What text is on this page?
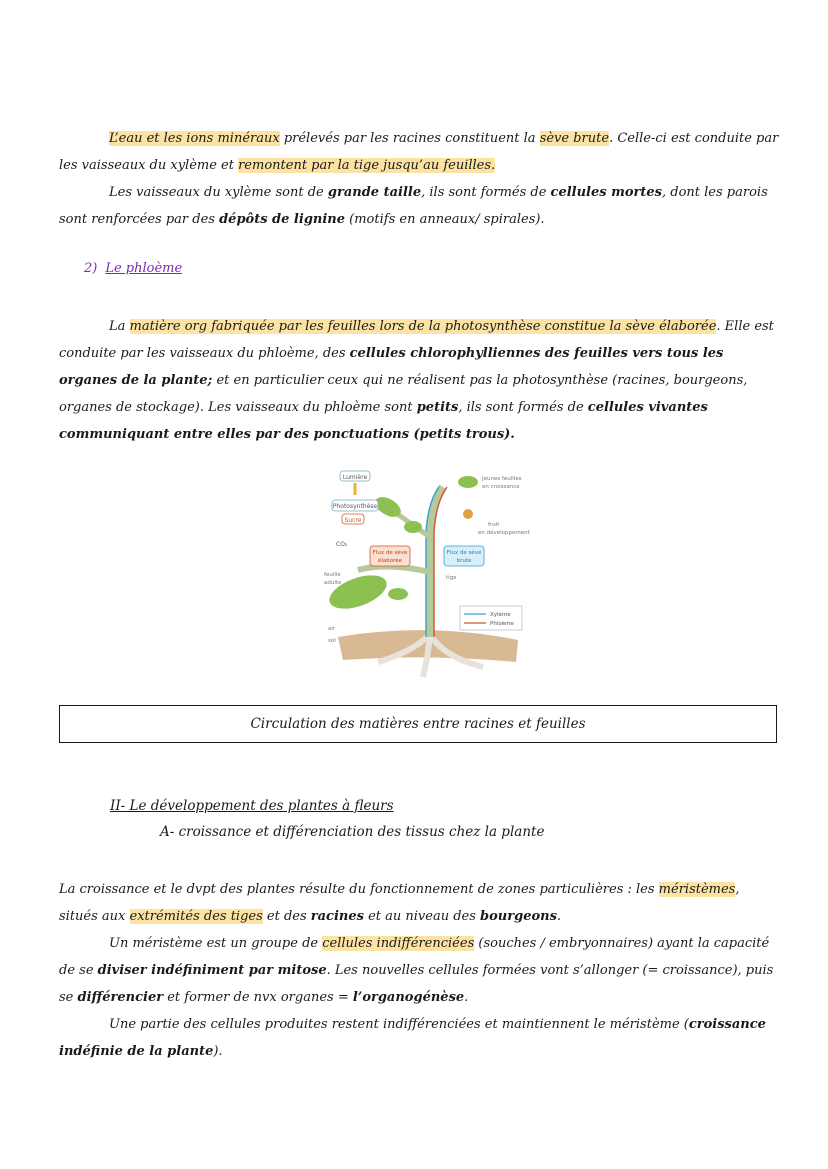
L’eau et les ions minéraux prélevés par les racines constituent la sève brute. Celle-ci est conduite par les vaisseaux du xylème et remontent par la tige jusqu’au feuilles.
Les vaisseaux du xylème sont de grande taille, ils sont formés de cellules mortes, dont les parois sont renforcées par des dépôts de lignine (motifs en anneaux/ spirales).
2) Le phloème
La matière org fabriquée par les feuilles lors de la photosynthèse constitue la sève élaborée. Elle est conduite par les vaisseaux du phloème, des cellules chlorophylliennes des feuilles vers tous les organes de la plante; et en particulier ceux qui ne réalisent pas la photosynthèse (racines, bourgeons, organes de stockage). Les vaisseaux du phloème sont petits, ils sont formés de cellules vivantes communiquant entre elles par des ponctuations (petits trous).
Lumière
Photosynthèse
Sucre
CO₂
Flux de sève
élaborée
Flux de sève
brute
Jeunes feuilles
en croissance
fruit
en développement
feuille
adulte
tige
air
sol
Xylème
Phloème
Circulation des matières entre racines et feuilles
II- Le développement des plantes à fleurs
A- croissance et différenciation des tissus chez la plante
La croissance et le dvpt des plantes résulte du fonctionnement de zones particulières : les méristèmes, situés aux extrémités des tiges et des racines et au niveau des bourgeons.
Un méristème est un groupe de cellules indifférenciées (souches / embryonnaires) ayant la capacité de se diviser indéfiniment par mitose. Les nouvelles cellules formées vont s’allonger (= croissance), puis se différencier et former de nvx organes = l’organogénèse.
Une partie des cellules produites restent indifférenciées et maintiennent le méristème (croissance indéfinie de la plante).
